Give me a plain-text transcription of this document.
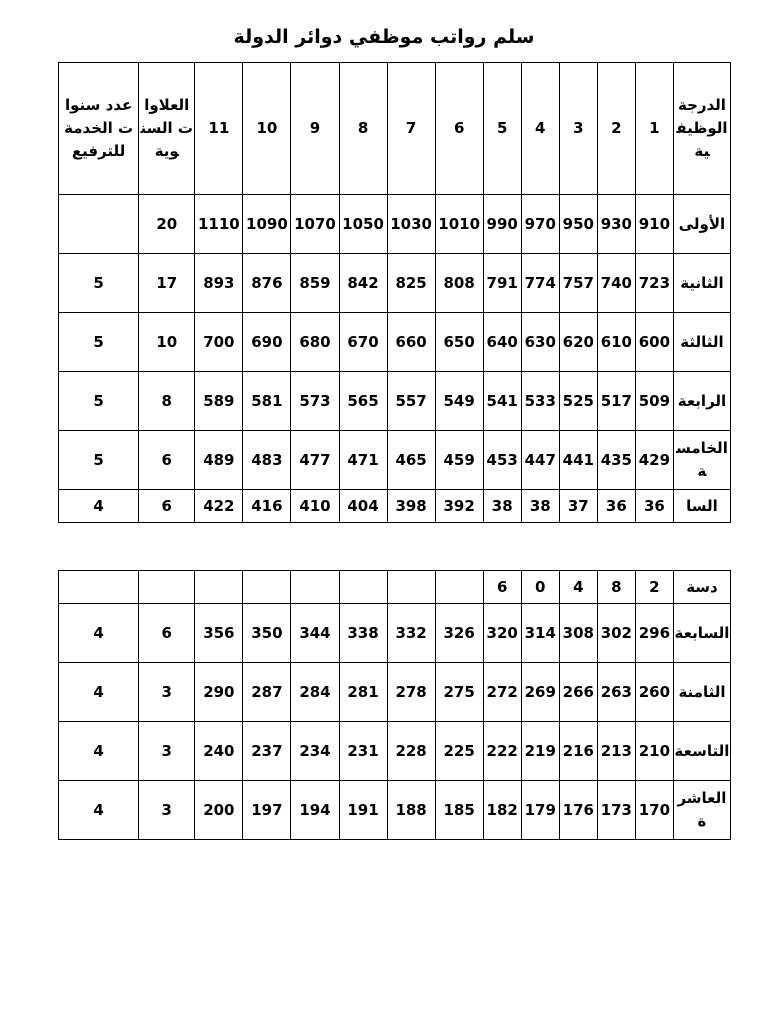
سلم رواتب موظفي دوائر الدولة
الدرجة الوظيفية	1	2	3	4	5	6	7	8	9	10	11	العلاوات السنوية	عدد سنوات الخدمة للترفيع
الأولى	910	930	950	970	990	1010	1030	1050	1070	1090	1110	20	
الثانية	723	740	757	774	791	808	825	842	859	876	893	17	5
الثالثة	600	610	620	630	640	650	660	670	680	690	700	10	5
الرابعة	509	517	525	533	541	549	557	565	573	581	589	8	5
الخامسة	429	435	441	447	453	459	465	471	477	483	489	6	5
السا	36	36	37	38	38	392	398	404	410	416	422	6	4
دسة	2	8	4	0	6								
السابعة	296	302	308	314	320	326	332	338	344	350	356	6	4
الثامنة	260	263	266	269	272	275	278	281	284	287	290	3	4
التاسعة	210	213	216	219	222	225	228	231	234	237	240	3	4
العاشرة	170	173	176	179	182	185	188	191	194	197	200	3	4
